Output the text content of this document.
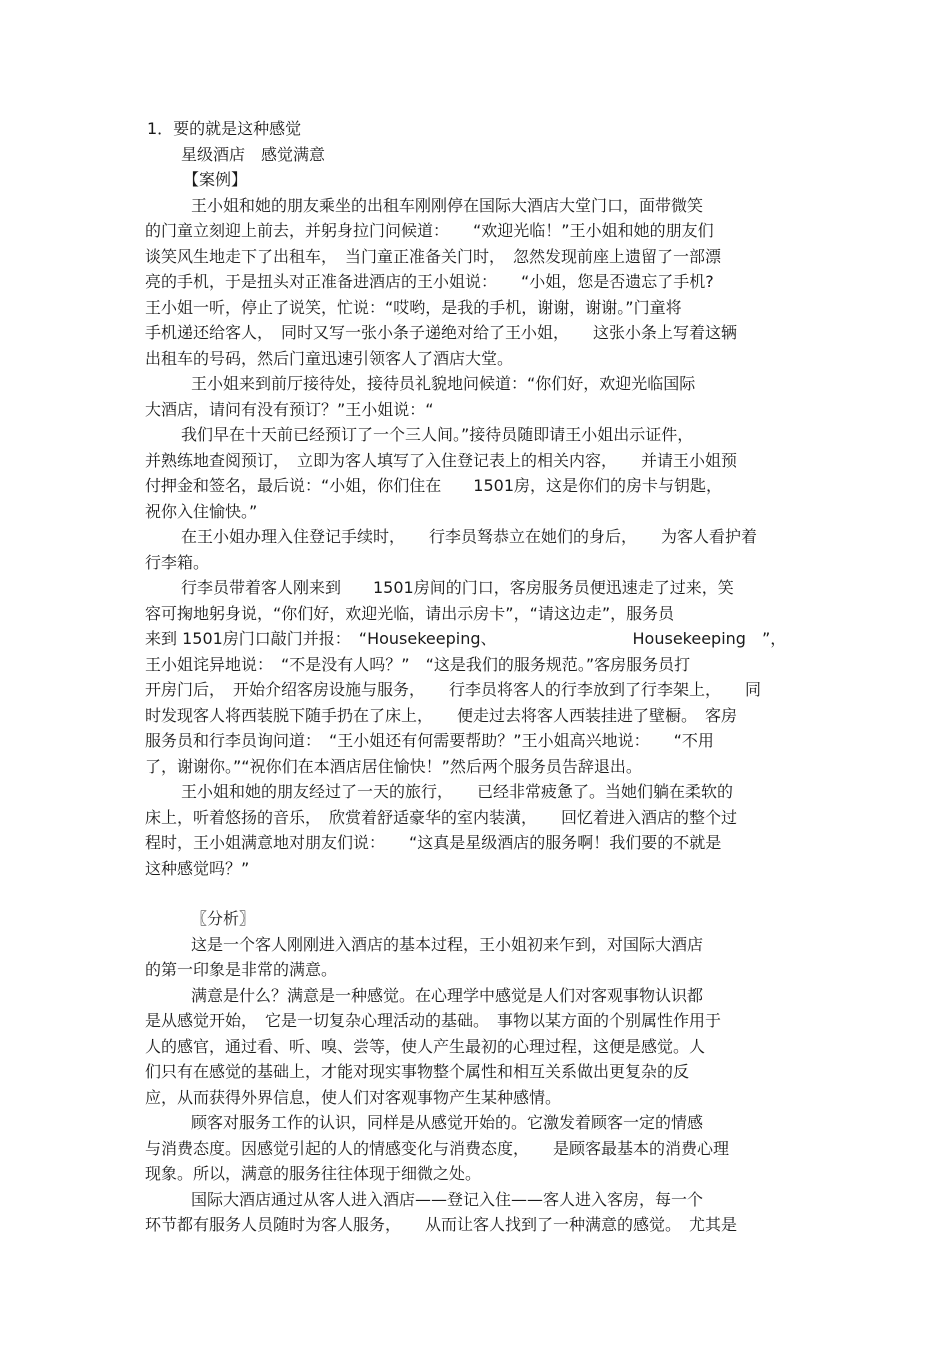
1．要的就是这种感觉
星级酒店　感觉满意
【案例】
王小姐和她的朋友乘坐的出租车刚刚停在国际大酒店大堂门口，面带微笑
的门童立刻迎上前去，并躬身拉门问候道：　　“欢迎光临！”王小姐和她的朋友们
谈笑风生地走下了出租车，　当门童正准备关门时，　忽然发现前座上遗留了一部漂
亮的手机，于是扭头对正准备进酒店的王小姐说：　　“小姐，您是否遗忘了手机?
王小姐一听，停止了说笑，忙说：“哎哟，是我的手机，谢谢，谢谢。”门童将
手机递还给客人，　同时又写一张小条子递绝对给了王小姐，　　这张小条上写着这辆
出租车的号码，然后门童迅速引领客人了酒店大堂。
王小姐来到前厅接待处，接待员礼貌地问候道：“你们好，欢迎光临国际
大酒店，请问有没有预订？”王小姐说：“
我们早在十天前已经预订了一个三人间。”接待员随即请王小姐出示证件，
并熟练地查阅预订，　立即为客人填写了入住登记表上的相关内容，　　并请王小姐预
付押金和签名，最后说：“小姐，你们住在　　1501房，这是你们的房卡与钥匙，
祝你入住愉快。”
在王小姐办理入住登记手续时，　　行李员驽恭立在她们的身后，　　为客人看护着
行李箱。
行李员带着客人刚来到　　1501房间的门口，客房服务员便迅速走了过来，笑
容可掬地躬身说，“你们好，欢迎光临，请出示房卡”，“请这边走”，服务员
来到 1501房门口敲门并报：　“Housekeeping、　　　　　　　　　Housekeeping　”，
王小姐诧异地说：　“不是没有人吗？”　“这是我们的服务规范。”客房服务员打
开房门后，　开始介绍客房设施与服务，　　行李员将客人的行李放到了行李架上，　　同
时发现客人将西装脱下随手扔在了床上，　　便走过去将客人西装挂进了壁橱。　客房
服务员和行李员询问道：　“王小姐还有何需要帮助？”王小姐高兴地说：　　“不用
了，谢谢你。”“祝你们在本酒店居住愉快！”然后两个服务员告辞退出。
王小姐和她的朋友经过了一天的旅行，　　已经非常疲惫了。当她们躺在柔软的
床上，听着悠扬的音乐，　欣赏着舒适豪华的室内装潢，　　回忆着进入酒店的整个过
程时，王小姐满意地对朋友们说：　　“这真是星级酒店的服务啊！我们要的不就是
这种感觉吗？”
〖分析〗
这是一个客人刚刚进入酒店的基本过程，王小姐初来乍到，对国际大酒店
的第一印象是非常的满意。
满意是什么？满意是一种感觉。在心理学中感觉是人们对客观事物认识都
是从感觉开始，　它是一切复杂心理活动的基础。　事物以某方面的个别属性作用于
人的感官，通过看、听、嗅、尝等，使人产生最初的心理过程，这便是感觉。人
们只有在感觉的基础上，才能对现实事物整个属性和相互关系做出更复杂的反
应，从而获得外界信息，使人们对客观事物产生某种感情。
顾客对服务工作的认识，同样是从感觉开始的。它激发着顾客一定的情感
与消费态度。因感觉引起的人的情感变化与消费态度，　　是顾客最基本的消费心理
现象。所以，满意的服务往往体现于细微之处。
国际大酒店通过从客人进入酒店——登记入住——客人进入客房，每一个
环节都有服务人员随时为客人服务，　　从而让客人找到了一种满意的感觉。　尤其是
